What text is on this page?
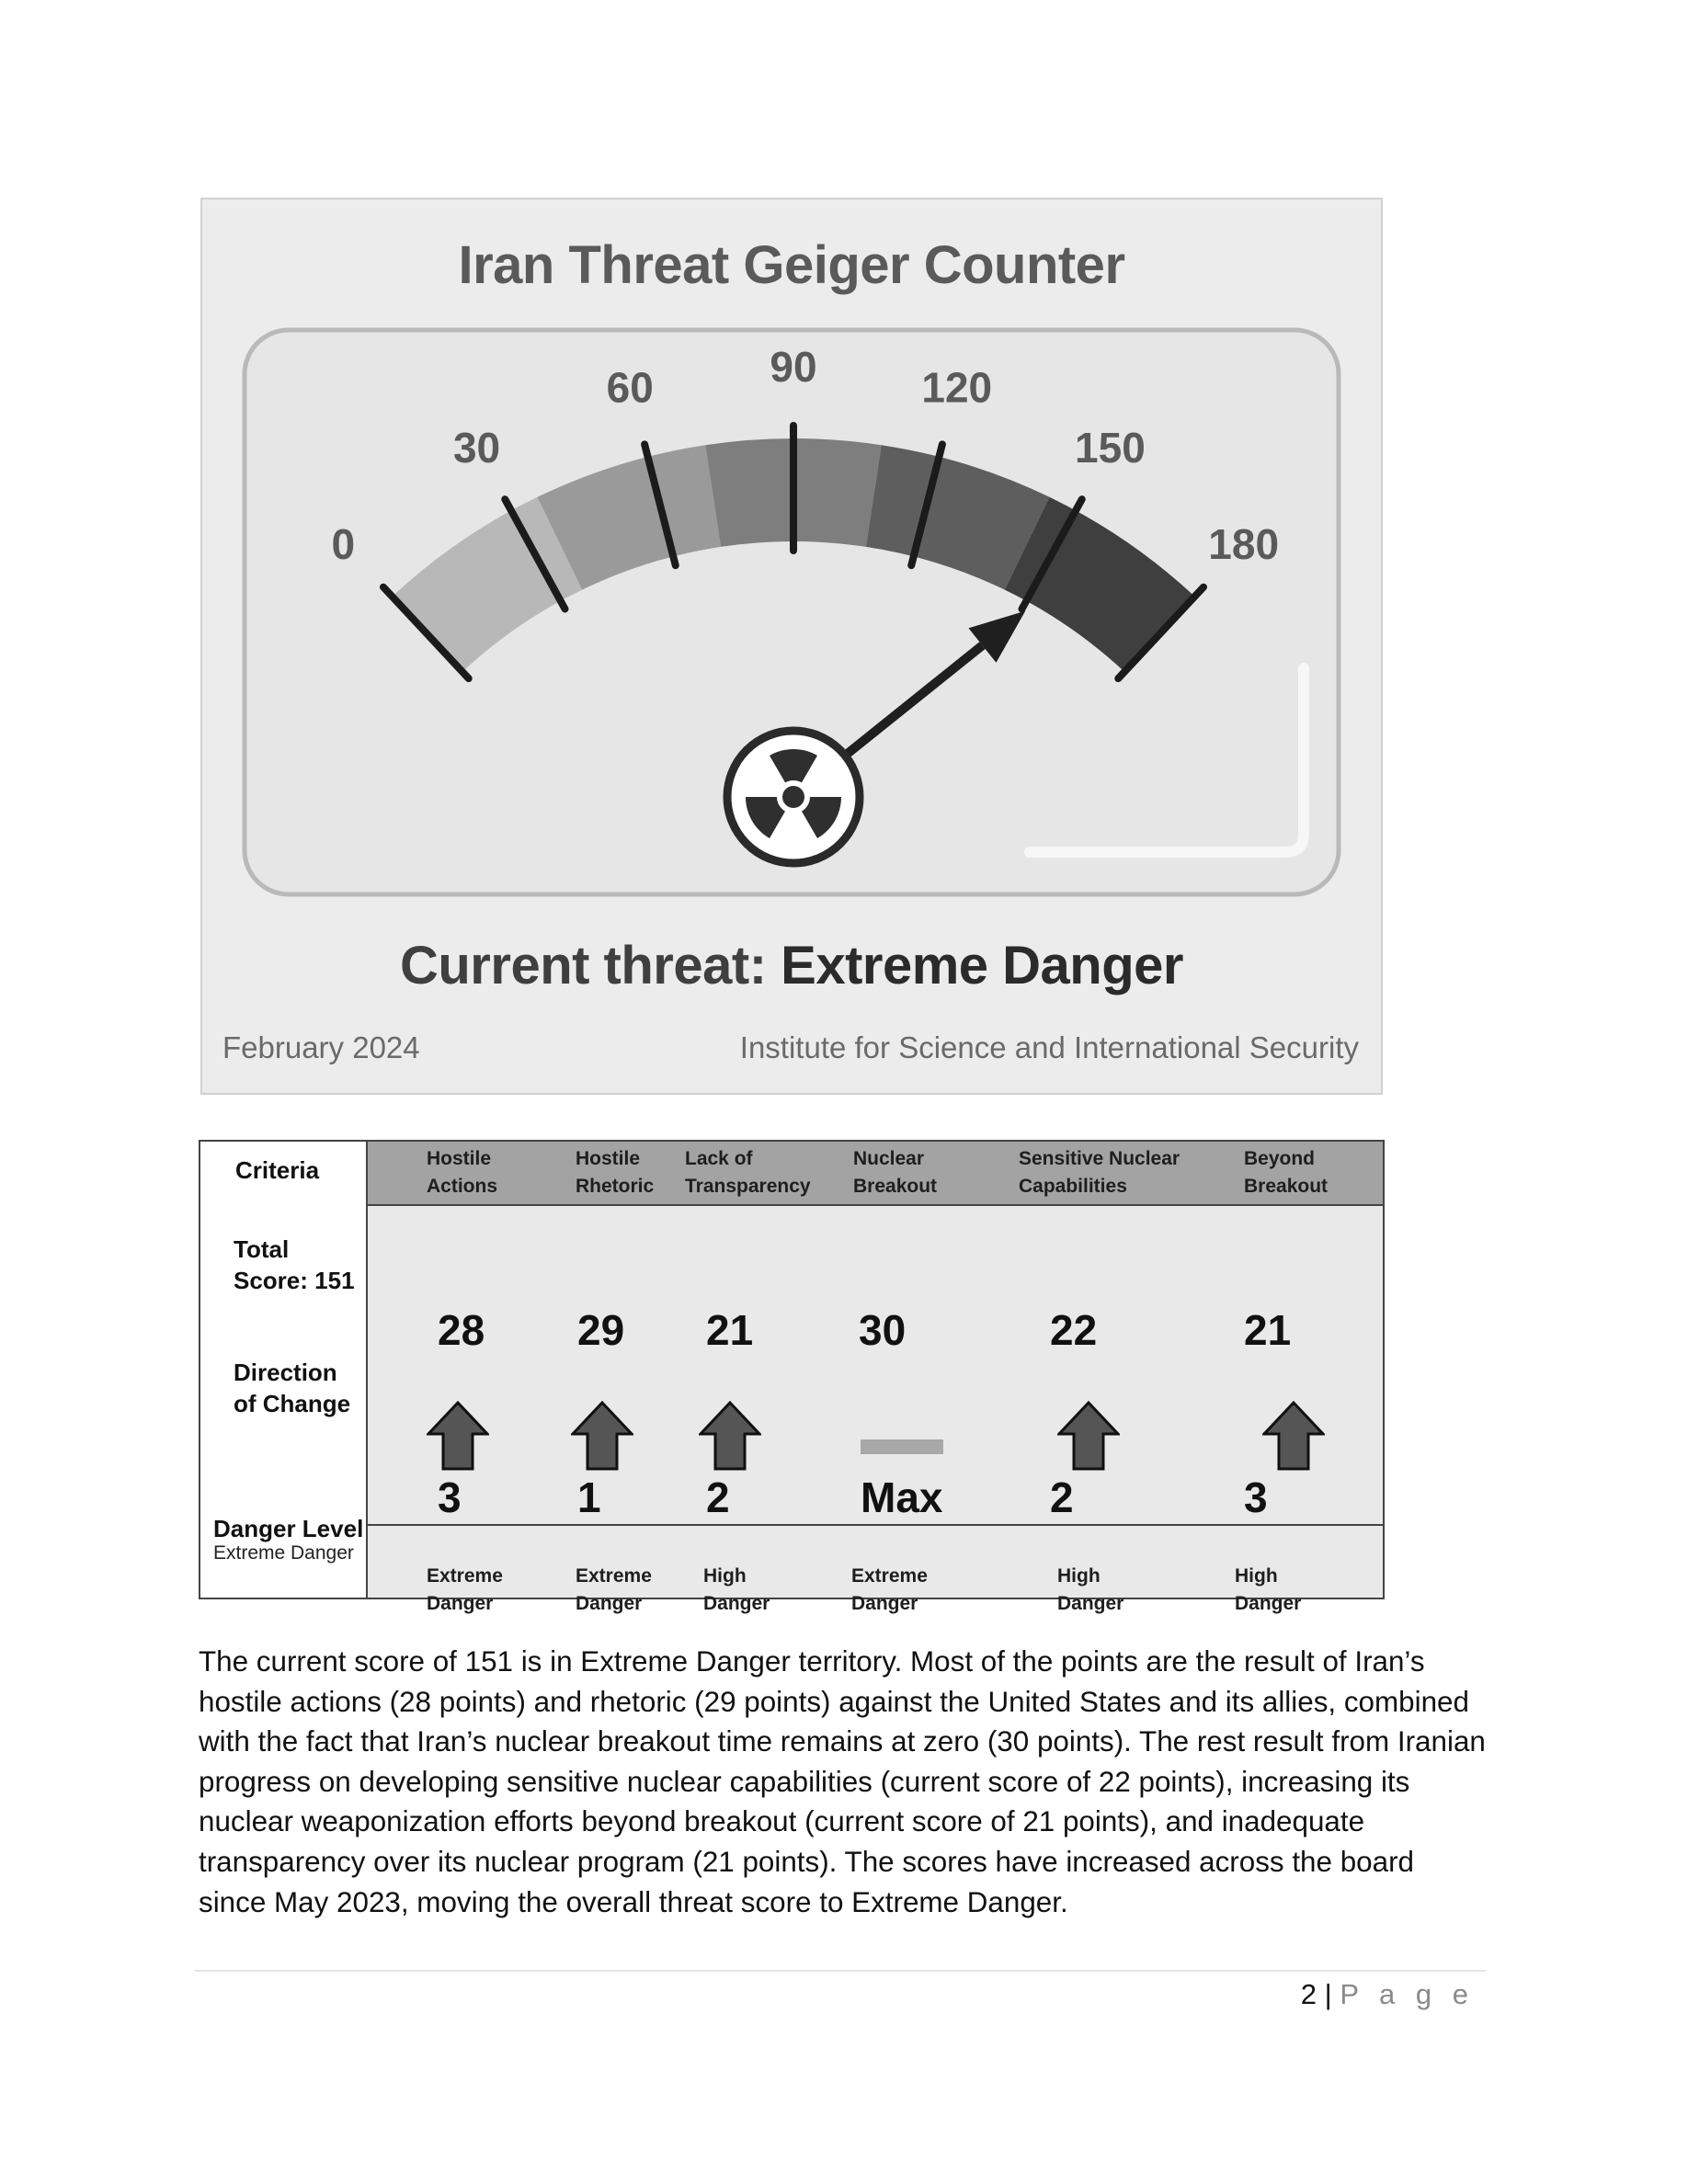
0
30
60	90 120
150
180
Iran Threat Geiger Counter
Current threat: Extreme Danger
February 2024	Institute for Science and International Security
Criteria
Total
Score: 151
Direction
of Change
Danger Level
Extreme Danger
Hostile
Actions
Hostile
Rhetoric
Lack of
Transparency
Nuclear
Breakout
Sensitive Nuclear
Capabilities
Beyond
Breakout
28
3
29
1
21
2
30
Max
22
2
21
3
Extreme
Danger
Extreme
Danger
High
Danger
Extreme
Danger
High
Danger
High
Danger

The current score of 151 is in Extreme Danger territory. Most of the points are the result of Iran’s hostile actions (28 points) and rhetoric (29 points) against the United States and its allies, combined with the fact that Iran’s nuclear breakout time remains at zero (30 points). The rest result from Iranian progress on developing sensitive nuclear capabilities (current score of 22 points), increasing its nuclear weaponization efforts beyond breakout (current score of 21 points), and inadequate transparency over its nuclear program (21 points). The scores have increased across the board since May 2023, moving the overall threat score to Extreme Danger.

2 | P a g e
